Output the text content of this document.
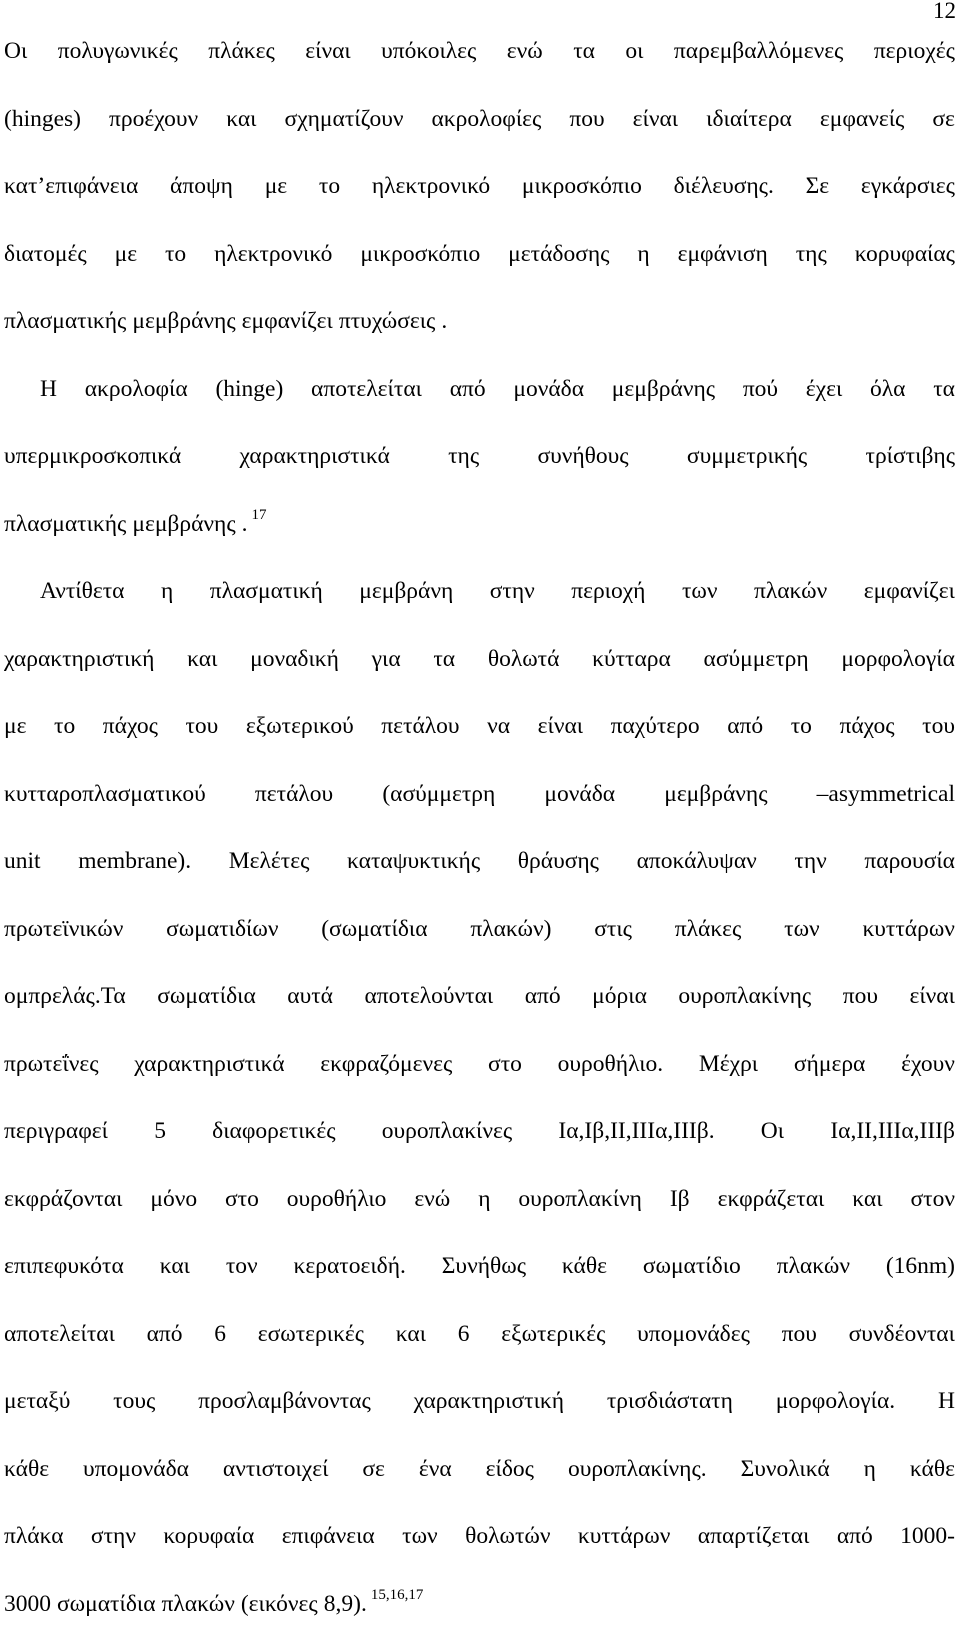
12
Οι πολυγωνικές πλάκες είναι υπόκοιλες ενώ τα οι παρεμβαλλόμενες περιοχές
(hinges) προέχουν και σχηματίζουν ακρολοφίες που είναι ιδιαίτερα εμφανείς σε
κατ’επιφάνεια άποψη με το ηλεκτρονικό μικροσκόπιο διέλευσης. Σε εγκάρσιες
διατομές με το ηλεκτρονικό μικροσκόπιο μετάδοσης η εμφάνιση της κορυφαίας
πλασματικής μεμβράνης εμφανίζει πτυχώσεις .
Η ακρολοφία (hinge) αποτελείται από μονάδα μεμβράνης πού έχει όλα τα
υπερμικροσκοπικά χαρακτηριστικά της συνήθους συμμετρικής τρίστιβης
πλασματικής μεμβράνης . $^{17}$
Αντίθετα η πλασματική μεμβράνη στην περιοχή των πλακών εμφανίζει
χαρακτηριστική και μοναδική για τα θολωτά κύτταρα ασύμμετρη μορφολογία
με το πάχος του εξωτερικού πετάλου να είναι παχύτερο από το πάχος του
κυτταροπλασματικού πετάλου (ασύμμετρη μονάδα μεμβράνης –asymmetrical
unit membrane). Μελέτες καταψυκτικής θράυσης αποκάλυψαν την παρουσία
πρωτεϊνικών σωματιδίων (σωματίδια πλακών) στις πλάκες των κυττάρων
ομπρελάς.Τα σωματίδια αυτά αποτελούνται από μόρια ουροπλακίνης που είναι
πρωτεΐνες χαρακτηριστικά εκφραζόμενες στο ουροθήλιο. Μέχρι σήμερα έχουν
περιγραφεί 5 διαφορετικές ουροπλακίνες Ια,Ιβ,ΙΙ,ΙΙΙα,ΙΙΙβ. Οι Ια,ΙΙ,ΙΙΙα,ΙΙΙβ
εκφράζονται μόνο στο ουροθήλιο ενώ η ουροπλακίνη Ιβ εκφράζεται και στον
επιπεφυκότα και τον κερατοειδή. Συνήθως κάθε σωματίδιο πλακών (16nm)
αποτελείται από 6 εσωτερικές και 6 εξωτερικές υπομονάδες που συνδέονται
μεταξύ τους προσλαμβάνοντας χαρακτηριστική τρισδιάστατη μορφολογία. Η
κάθε υπομονάδα αντιστοιχεί σε ένα είδος ουροπλακίνης. Συνολικά η κάθε
πλάκα στην κορυφαία επιφάνεια των θολωτών κυττάρων απαρτίζεται από 1000-
3000 σωματίδια πλακών (εικόνες 8,9). $^{15,16,17}$
